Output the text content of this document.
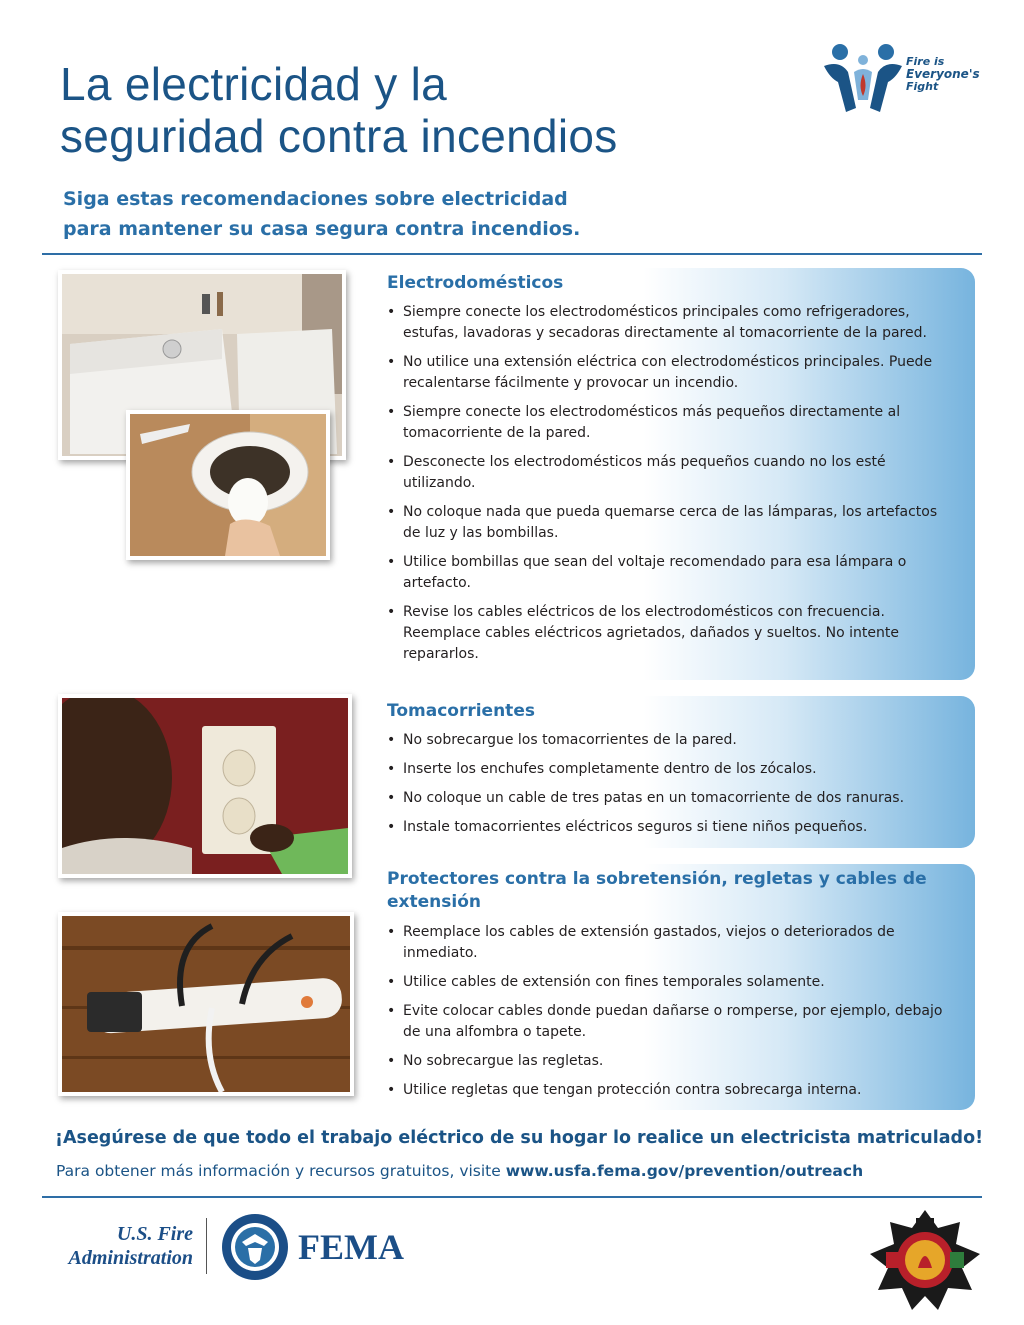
La electricidad y la
seguridad contra incendios
Siga estas recomendaciones sobre electricidad
para mantener su casa segura contra incendios.
Fire is
Everyone's
Fight
Electrodomésticos
• Siempre conecte los electrodomésticos principales como refrigeradores, estufas, lavadoras y secadoras directamente al tomacorriente de la pared.
• No utilice una extensión eléctrica con electrodomésticos principales. Puede recalentarse fácilmente y provocar un incendio.
• Siempre conecte los electrodomésticos más pequeños directamente al tomacorriente de la pared.
• Desconecte los electrodomésticos más pequeños cuando no los esté utilizando.
• No coloque nada que pueda quemarse cerca de las lámparas, los artefactos de luz y las bombillas.
• Utilice bombillas que sean del voltaje recomendado para esa lámpara o artefacto.
• Revise los cables eléctricos de los electrodomésticos con frecuencia. Reemplace cables eléctricos agrietados, dañados y sueltos. No intente repararlos.
Tomacorrientes
• No sobrecargue los tomacorrientes de la pared.
• Inserte los enchufes completamente dentro de los zócalos.
• No coloque un cable de tres patas en un tomacorriente de dos ranuras.
• Instale tomacorrientes eléctricos seguros si tiene niños pequeños.
Protectores contra la sobretensión, regletas y cables de extensión
• Reemplace los cables de extensión gastados, viejos o deteriorados de inmediato.
• Utilice cables de extensión con fines temporales solamente.
• Evite colocar cables donde puedan dañarse o romperse, por ejemplo, debajo de una alfombra o tapete.
• No sobrecargue las regletas.
• Utilice regletas que tengan protección contra sobrecarga interna.
¡Asegúrese de que todo el trabajo eléctrico de su hogar lo realice un electricista matriculado!
Para obtener más información y recursos gratuitos, visite www.usfa.fema.gov/prevention/outreach
U.S. Fire
Administration	FEMA
